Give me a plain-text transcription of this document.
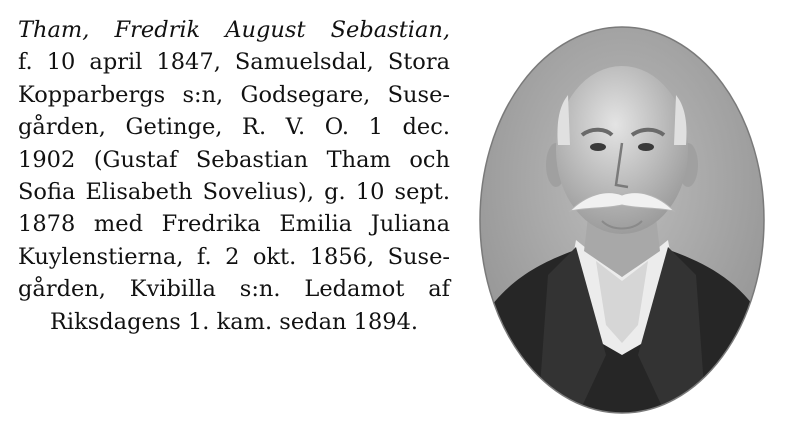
Tham, Fredrik August Sebastian,
f. 10 april 1847, Samuelsdal, Stora
Kopparbergs s:n, Godsegare, Suse-
gården, Getinge, R. V. O. 1 dec.
1902 (Gustaf Sebastian Tham och
Sofia Elisabeth Sovelius), g. 10 sept.
1878 med Fredrika Emilia Juliana
Kuylenstierna, f. 2 okt. 1856, Suse-
gården, Kvibilla s:n. Ledamot af
Riksdagens 1. kam. sedan 1894.
